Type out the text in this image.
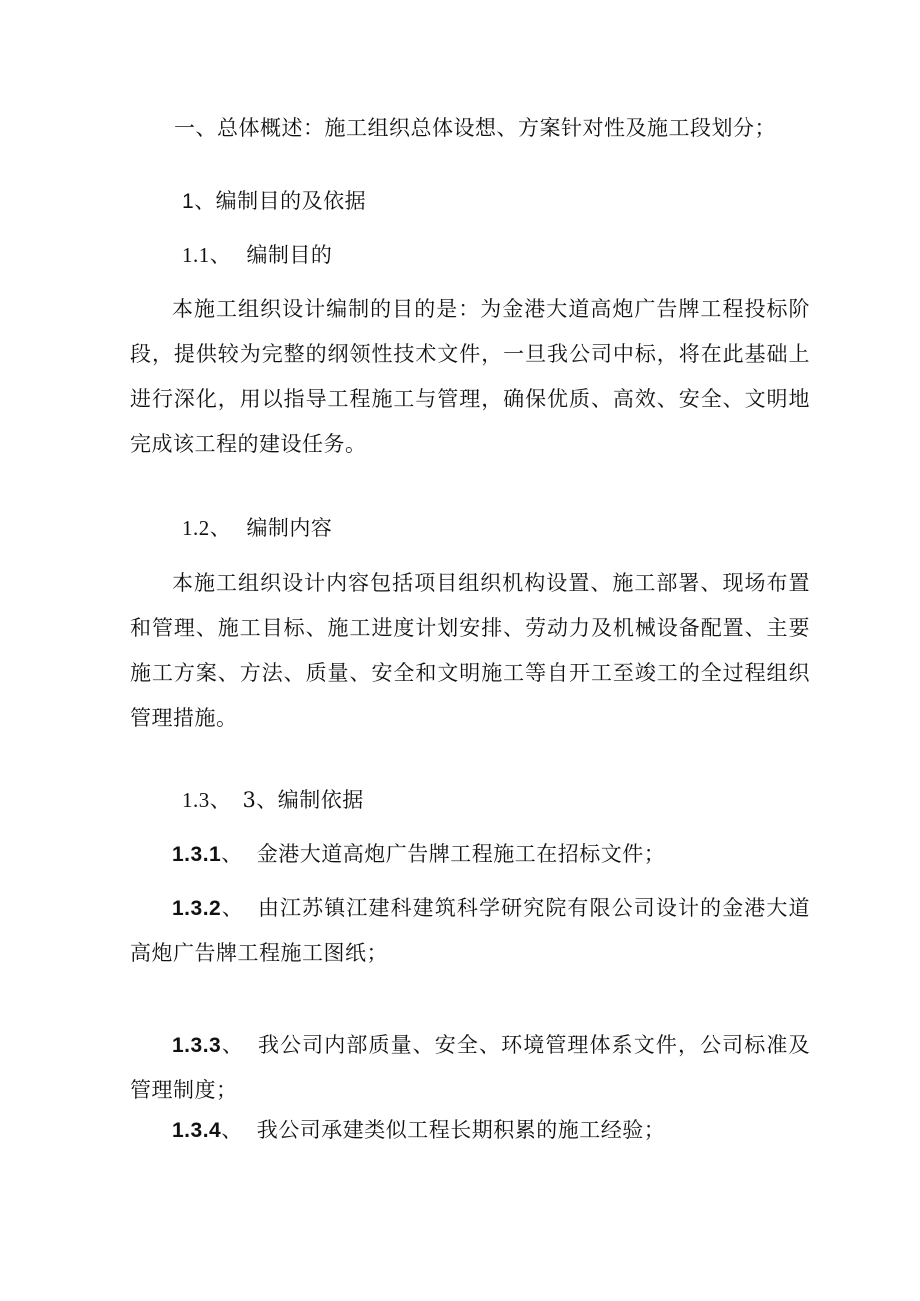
一、总体概述：施工组织总体设想、方案针对性及施工段划分；
1、编制目的及依据
1.1、 编制目的
本施工组织设计编制的目的是：为金港大道高炮广告牌工程投标阶段，提供较为完整的纲领性技术文件，一旦我公司中标，将在此基础上进行深化，用以指导工程施工与管理，确保优质、高效、安全、文明地完成该工程的建设任务。
1.2、 编制内容
本施工组织设计内容包括项目组织机构设置、施工部署、现场布置和管理、施工目标、施工进度计划安排、劳动力及机械设备配置、主要施工方案、方法、质量、安全和文明施工等自开工至竣工的全过程组织管理措施。
1.3、 3、编制依据
1.3.1、 金港大道高炮广告牌工程施工在招标文件；
1.3.2、 由江苏镇江建科建筑科学研究院有限公司设计的金港大道高炮广告牌工程施工图纸；
1.3.3、 我公司内部质量、安全、环境管理体系文件，公司标准及管理制度；
1.3.4、 我公司承建类似工程长期积累的施工经验；
